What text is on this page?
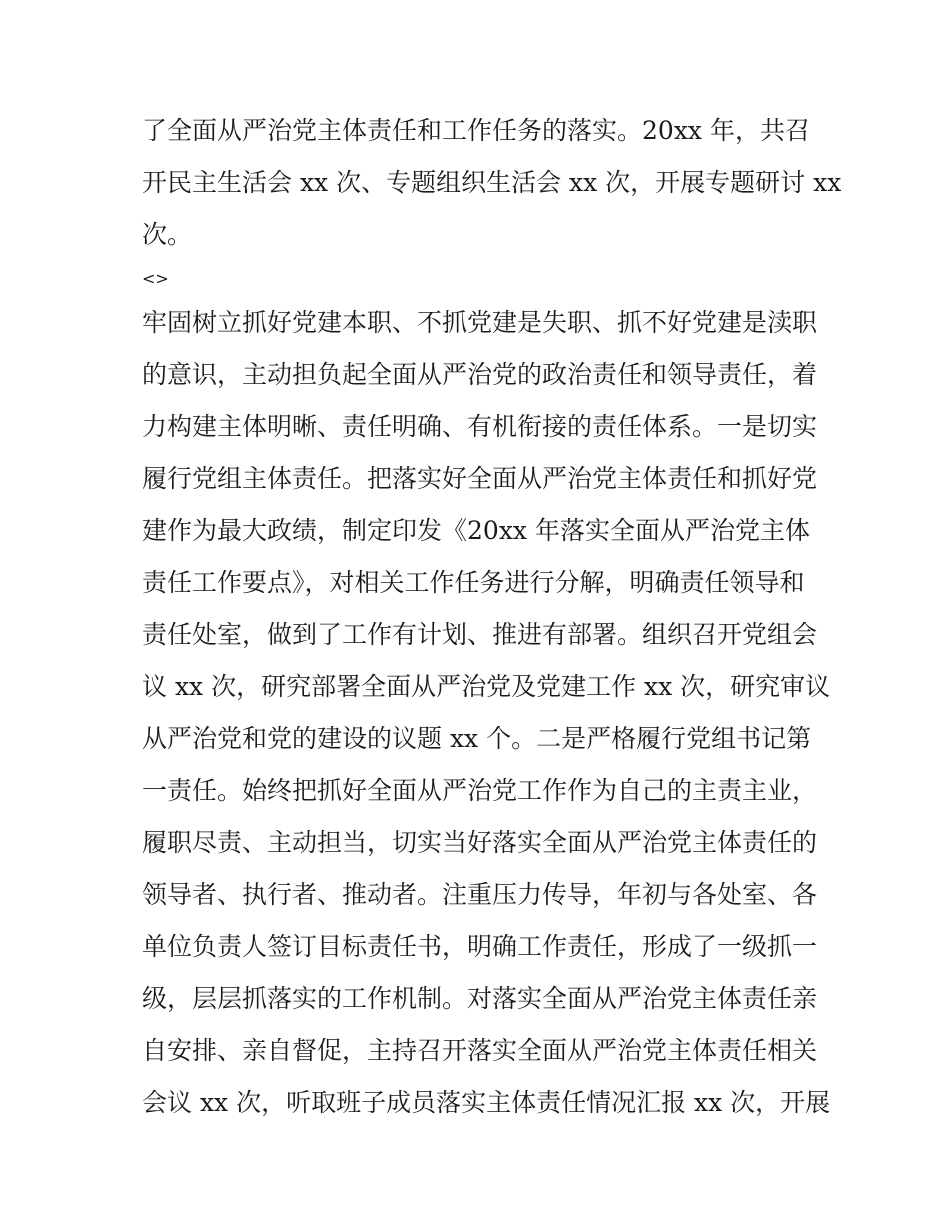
了全面从严治党主体责任和工作任务的落实。20xx 年，共召
开民主生活会 xx 次、专题组织生活会 xx 次，开展专题研讨 xx
次。
<>
牢固树立抓好党建本职、不抓党建是失职、抓不好党建是渎职
的意识，主动担负起全面从严治党的政治责任和领导责任，着
力构建主体明晰、责任明确、有机衔接的责任体系。一是切实
履行党组主体责任。把落实好全面从严治党主体责任和抓好党
建作为最大政绩，制定印发《20xx 年落实全面从严治党主体
责任工作要点》，对相关工作任务进行分解，明确责任领导和
责任处室，做到了工作有计划、推进有部署。组织召开党组会
议 xx 次，研究部署全面从严治党及党建工作 xx 次，研究审议
从严治党和党的建设的议题 xx 个。二是严格履行党组书记第
一责任。始终把抓好全面从严治党工作作为自己的主责主业，
履职尽责、主动担当，切实当好落实全面从严治党主体责任的
领导者、执行者、推动者。注重压力传导，年初与各处室、各
单位负责人签订目标责任书，明确工作责任，形成了一级抓一
级，层层抓落实的工作机制。对落实全面从严治党主体责任亲
自安排、亲自督促，主持召开落实全面从严治党主体责任相关
会议 xx 次，听取班子成员落实主体责任情况汇报 xx 次，开展
